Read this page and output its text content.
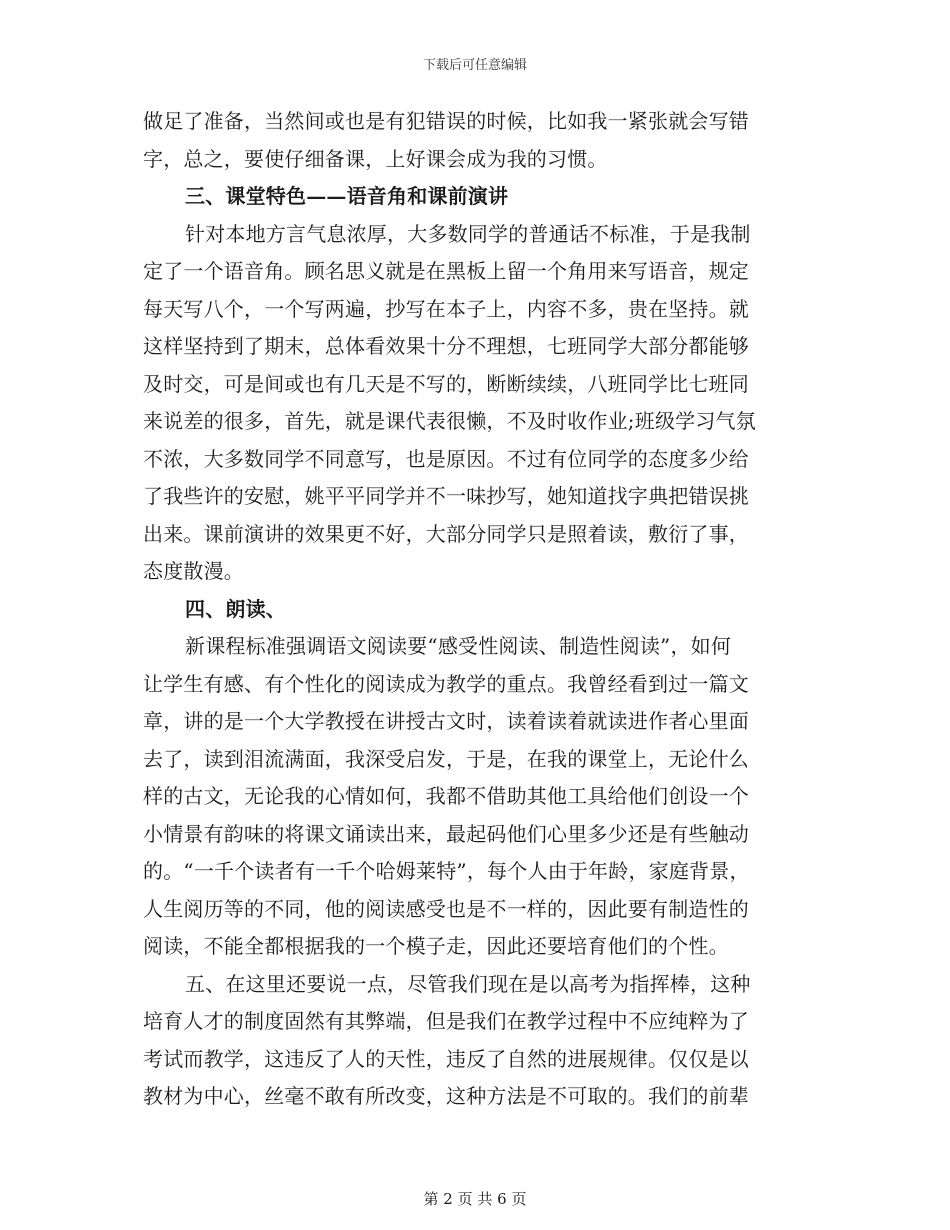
下载后可任意编辑

做足了准备，当然间或也是有犯错误的时候，比如我一紧张就会写错
字，总之，要使仔细备课，上好课会成为我的习惯。

三、课堂特色——语音角和课前演讲

针对本地方言气息浓厚，大多数同学的普通话不标准，于是我制
定了一个语音角。顾名思义就是在黑板上留一个角用来写语音，规定
每天写八个，一个写两遍，抄写在本子上，内容不多，贵在坚持。就
这样坚持到了期末，总体看效果十分不理想，七班同学大部分都能够
及时交，可是间或也有几天是不写的，断断续续，八班同学比七班同
来说差的很多，首先，就是课代表很懒，不及时收作业;班级学习气氛
不浓，大多数同学不同意写，也是原因。不过有位同学的态度多少给
了我些许的安慰，姚平平同学并不一味抄写，她知道找字典把错误挑
出来。课前演讲的效果更不好，大部分同学只是照着读，敷衍了事，
态度散漫。

四、朗读、

新课程标准强调语文阅读要“感受性阅读、制造性阅读”，如何
让学生有感、有个性化的阅读成为教学的重点。我曾经看到过一篇文
章，讲的是一个大学教授在讲授古文时，读着读着就读进作者心里面
去了，读到泪流满面，我深受启发，于是，在我的课堂上，无论什么
样的古文，无论我的心情如何，我都不借助其他工具给他们创设一个
小情景有韵味的将课文诵读出来，最起码他们心里多少还是有些触动
的。“一千个读者有一千个哈姆莱特”，每个人由于年龄，家庭背景，
人生阅历等的不同，他的阅读感受也是不一样的，因此要有制造性的
阅读，不能全都根据我的一个模子走，因此还要培育他们的个性。

五、在这里还要说一点，尽管我们现在是以高考为指挥棒，这种
培育人才的制度固然有其弊端，但是我们在教学过程中不应纯粹为了
考试而教学，这违反了人的天性，违反了自然的进展规律。仅仅是以
教材为中心，丝毫不敢有所改变，这种方法是不可取的。我们的前辈

第 2 页 共 6 页
